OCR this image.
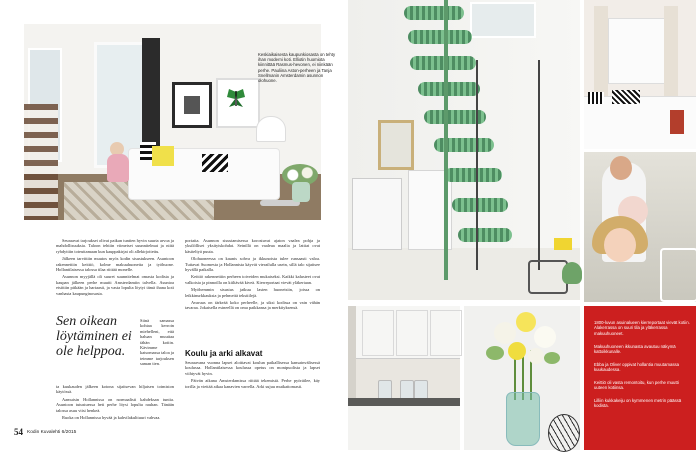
Keskiaikaisesta kaupunkiosasta on tehty ihan moderni koti. Elliotin huomiota kiinnittää Rasmus-hevonen, ei niinkään perhe. Pauliina Aston-perheen ja Tanja Snellmanin Amsterdamin asunnon olohuone.

Seuraavat tarjoukset olivat paikan tuntien hyvin suurta arvoa ja mahdollisuuksia. Taloon tehtiin viimeiset suunnitelmat ja niitä ryhdyttiin toteuttamaan kun kauppakirjat oli allekirjoitettu.

Jälkeen tarvittiin muutos myös kodin sisustukseen. Asuntoon rakennettiin keittiö, kolme makuuhuonetta ja työhuone. Hollantilaisessa talossa tilaa riittää monelle.

Asunnon myyjällä oli suuret suunnitelmat omasta kodista ja kaupan jälkeen perhe muutti Amsterdamiin talvella. Asuntoa etsittiin pitkään ja hartaasti, ja vasta lopulta löytyi tämä ihana koti vanhasta kaupunginosasta.

Sen oikean löytäminen ei ole helppoa.

Siinä samassa kohtaa kerroin miehelleni, että haluan muuttaa tähän kotiin. Kävimme katsomassa taloa ja teimme tarjouksen saman tien.

ta kuukauden jälkeen kotona sijaitsevan hiljaisen toimiston käytössä.

Aamuisin Hollannissa on normaalisti kahdeksan tuntia. Asuntoon tutustuessa heti perhe löysi lopulta rauhan. Tänään talossa asuu viisi henkeä.

Ruoka on Hollannissa hyvää ja kahvilakulttuuri vahvaa.

portaita. Asunnon sisustamisessa korostuvat ajaton vaalea pohja ja yksilölliset yksityiskohdat. Seinillä on vaaleaa maalia ja lattiat ovat käsiteltyä puuta.

Olohuoneessa on kaunis sohva ja ikkunoista tulee runsaasti valoa. Tuttavat Suomesta ja Hollannista käyvät vierailulla usein, sillä talo sijaitsee hyvällä paikalla.

Keittiö rakennettiin perheen toiveiden mukaiseksi. Kaikki kalusteet ovat valkoisia ja pinnoilla on kiiltävää kiveä. Kierreportaat vievät yläkertaan.

Myöhemmin sisustus jatkuu lasten huoneisiin, joissa on leikkinurkkauksia ja pehmeitä tekstiilejä.

Avaruus on tärkeää koko perheelle, ja siksi kodissa on vain vähän tavaraa. Jokaisella esineellä on oma paikkansa ja merkityksensä.

Koulu ja arki alkavat

Seuraavana vuonna lapset aloittavat koulun paikallisessa kansainvälisessä koulussa. Hollantilaisessa koulussa opetus on monipuolista ja lapset viihtyvät hyvin.

Päivän aikana Amsterdamissa riittää tekemistä. Perhe pyöräilee, käy torilla ja viettää aikaa kanavien varrella. Arki sujuu mutkattomasti.

54 $^{Kodin Kuvalehti 6/2015}$
1800-luvun asuinalueen kierreportaat vievät kotiin. Alakerrassa on suuri tila ja yläkerrassa makuuhuoneet.
Makuuhuoneen ikkunasta avautuu näkymä kattoikkunalle.
Ebba ja Oliver oppivat hollantia muutamassa kuukaudessa.
Keittiö oli vasta remontoitu, kun perhe muutti uuteen kotiinsa.
Lilliin kukkakeiju on kymmenen metrin päässä kodista.
